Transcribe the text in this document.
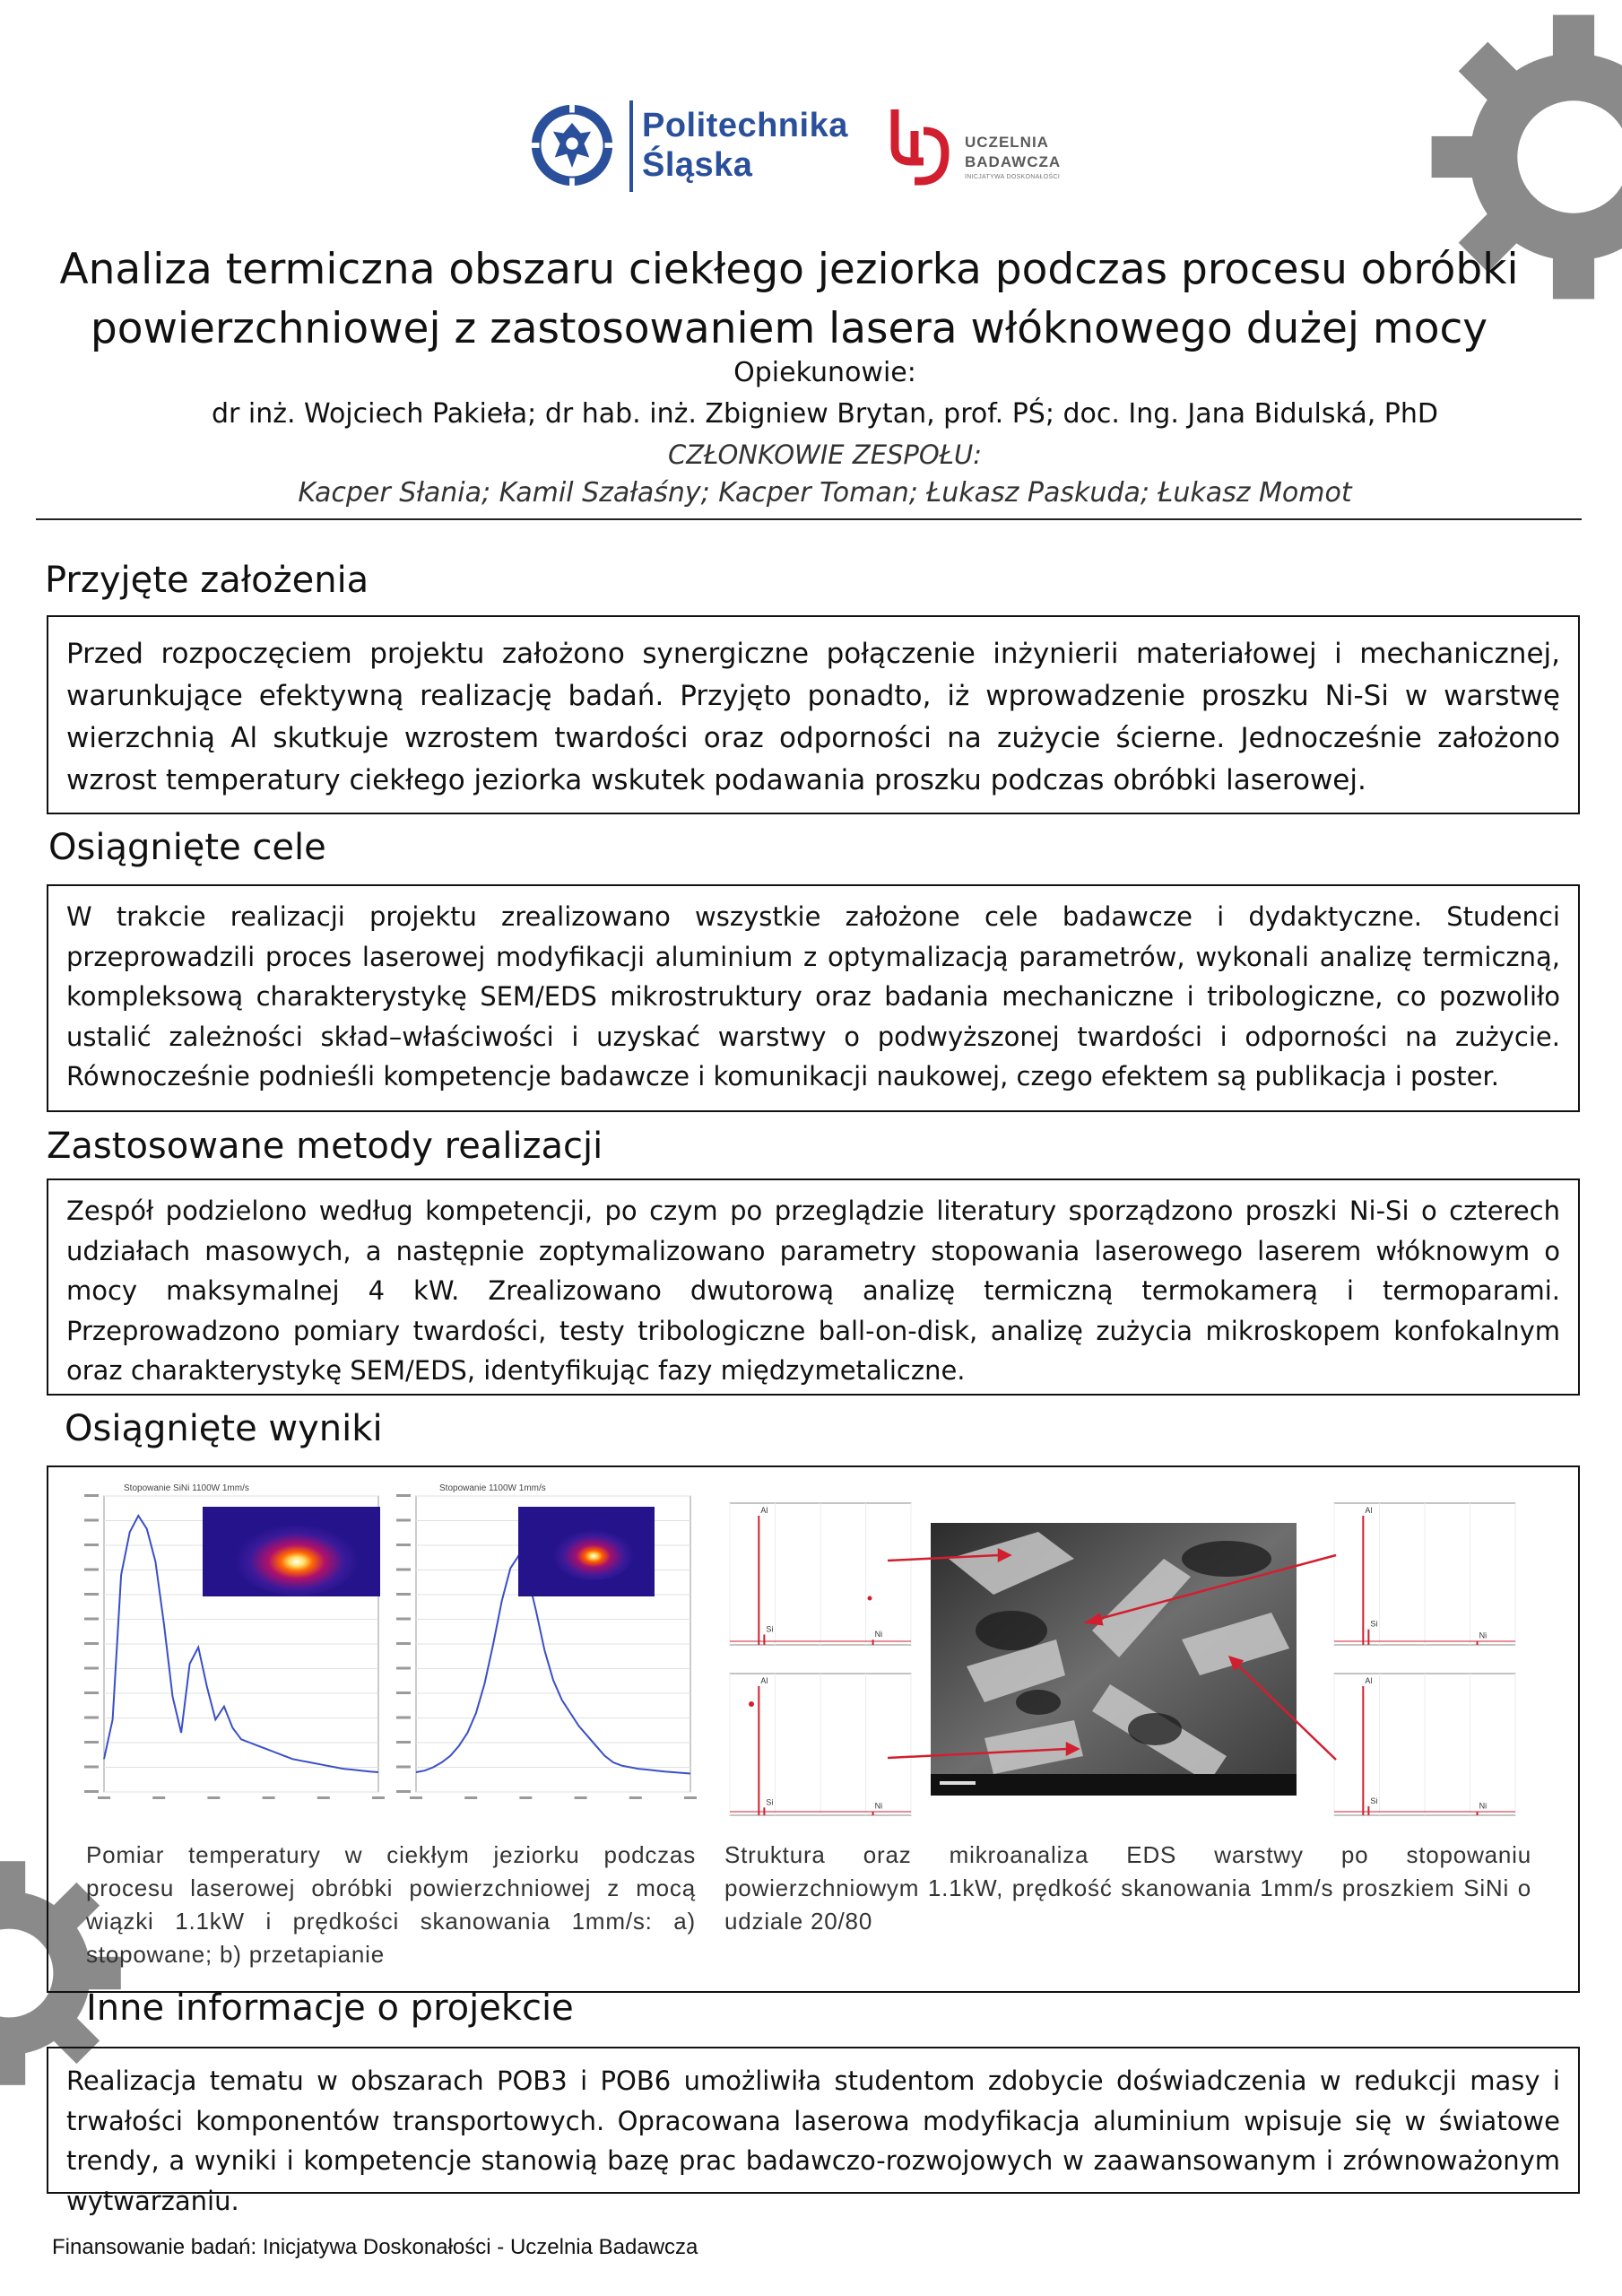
Politechnika
Śląska
UCZELNIA
BADAWCZA
INICJATYWA DOSKONAŁOŚCI
Analiza termiczna obszaru ciekłego jeziorka podczas procesu obróbki
powierzchniowej z zastosowaniem lasera włóknowego dużej mocy
Opiekunowie:
dr inż. Wojciech Pakieła; dr hab. inż. Zbigniew Brytan, prof. PŚ; doc. Ing. Jana Bidulská, PhD
CZŁONKOWIE ZESPOŁU:
Kacper Słania; Kamil Szałaśny; Kacper Toman; Łukasz Paskuda; Łukasz Momot
Przyjęte założenia

Przed rozpoczęciem projektu założono synergiczne połączenie inżynierii materiałowej i mechanicznej, warunkujące efektywną realizację badań. Przyjęto ponadto, iż wprowadzenie proszku Ni-Si w warstwę wierzchnią Al skutkuje wzrostem twardości oraz odporności na zużycie ścierne. Jednocześnie założono wzrost temperatury ciekłego jeziorka wskutek podawania proszku podczas obróbki laserowej.

Osiągnięte cele

W trakcie realizacji projektu zrealizowano wszystkie założone cele badawcze i dydaktyczne. Studenci przeprowadzili proces laserowej modyfikacji aluminium z optymalizacją parametrów, wykonali analizę termiczną, kompleksową charakterystykę SEM/EDS mikrostruktury oraz badania mechaniczne i tribologiczne, co pozwoliło ustalić zależności skład–właściwości i uzyskać warstwy o podwyższonej twardości i odporności na zużycie. Równocześnie podnieśli kompetencje badawcze i komunikacji naukowej, czego efektem są publikacja i poster.

Zastosowane metody realizacji

Zespół podzielono według kompetencji, po czym po przeglądzie literatury sporządzono proszki Ni-Si o czterech udziałach masowych, a następnie zoptymalizowano parametry stopowania laserowego laserem włóknowym o mocy maksymalnej 4 kW. Zrealizowano dwutorową analizę termiczną termokamerą i termoparami. Przeprowadzono pomiary twardości, testy tribologiczne ball-on-disk, analizę zużycia mikroskopem konfokalnym oraz charakterystykę SEM/EDS, identyfikując fazy międzymetaliczne.

Osiągnięte wyniki
Stopowanie SiNi 1100W 1mm/s	Stopowanie 1100W 1mm/s
Al
Si
Ni
Al
Si	Ni
Al
Si
Ni
Al
Si
Ni
Pomiar temperatury w ciekłym jeziorku podczas procesu laserowej obróbki powierzchniowej z mocą wiązki 1.1kW i prędkości skanowania 1mm/s: a) stopowane; b) przetapianie
Struktura oraz mikroanaliza EDS warstwy po stopowaniu powierzchniowym 1.1kW, prędkość skanowania 1mm/s proszkiem SiNi o udziale 20/80
Inne informacje o projekcie

Realizacja tematu w obszarach POB3 i POB6 umożliwiła studentom zdobycie doświadczenia w redukcji masy i trwałości komponentów transportowych. Opracowana laserowa modyfikacja aluminium wpisuje się w światowe trendy, a wyniki i kompetencje stanowią bazę prac badawczo-rozwojowych w zaawansowanym i zrównoważonym wytwarzaniu.

Finansowanie badań: Inicjatywa Doskonałości - Uczelnia Badawcza
